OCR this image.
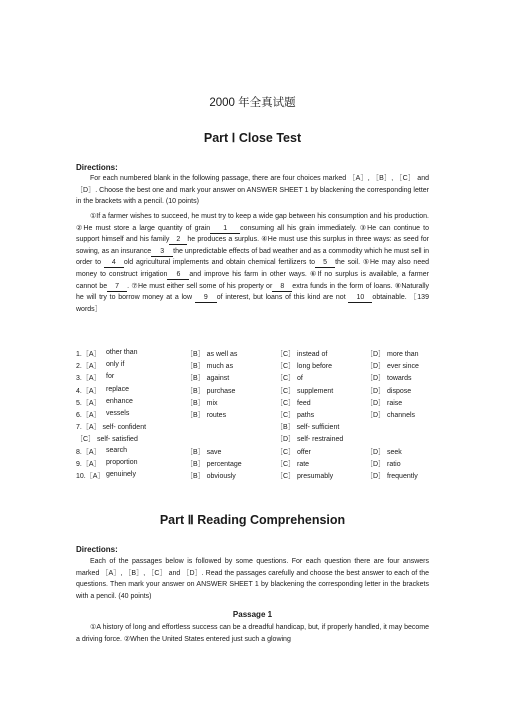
2000 年全真试题
Part Ⅰ Close Test
Directions:

For each numbered blank in the following passage, there are four choices marked ［A］, ［B］, ［C］ and ［D］. Choose the best one and mark your answer on ANSWER SHEET 1 by blackening the corresponding letter in the brackets with a pencil. (10 points)

①If a farmer wishes to succeed, he must try to keep a wide gap between his consumption and his production. ②He must store a large quantity of grain 1 consuming all his grain immediately. ③He can continue to support himself and his family 2 he produces a surplus. ④He must use this surplus in three ways: as seed for sowing, as an insurance 3 the unpredictable effects of bad weather and as a commodity which he must sell in order to 4 old agricultural implements and obtain chemical fertilizers to 5 the soil. ⑤He may also need money to construct irrigation 6 and improve his farm in other ways. ⑥If no surplus is available, a farmer cannot be 7 . ⑦He must either sell some of his property or 8 extra funds in the form of loans. ⑧Naturally he will try to borrow money at a low 9 of interest, but loans of this kind are not 10 obtainable. ［139 words］

1.［A］ other than	［B］ as well as	［C］ instead of	［D］ more than
2.［A］ only if	［B］ much as	［C］ long before	［D］ ever since
3.［A］ for	［B］ against	［C］ of	［D］ towards
4.［A］ replace	［B］ purchase	［C］ supplement	［D］ dispose
5.［A］ enhance	［B］ mix	［C］ feed	［D］ raise
6.［A］ vessels	［B］ routes	［C］ paths	［D］ channels
7.［A］ self- confident	［B］ self- sufficient
［C］ self- satisfied	［D］ self- restrained
8.［A］ search	［B］ save	［C］ offer	［D］ seek
9.［A］ proportion	［B］ percentage	［C］ rate	［D］ ratio
10.［A］ genuinely	［B］ obviously	［C］ presumably	［D］ frequently
Part Ⅱ Reading Comprehension
Directions:

Each of the passages below is followed by some questions. For each question there are four answers marked ［A］, ［B］, ［C］ and ［D］. Read the passages carefully and choose the best answer to each of the questions. Then mark your answer on ANSWER SHEET 1 by blackening the corresponding letter in the brackets with a pencil. (40 points)

Passage 1

①A history of long and effortless success can be a dreadful handicap, but, if properly handled, it may become a driving force. ②When the United States entered just such a glowing
